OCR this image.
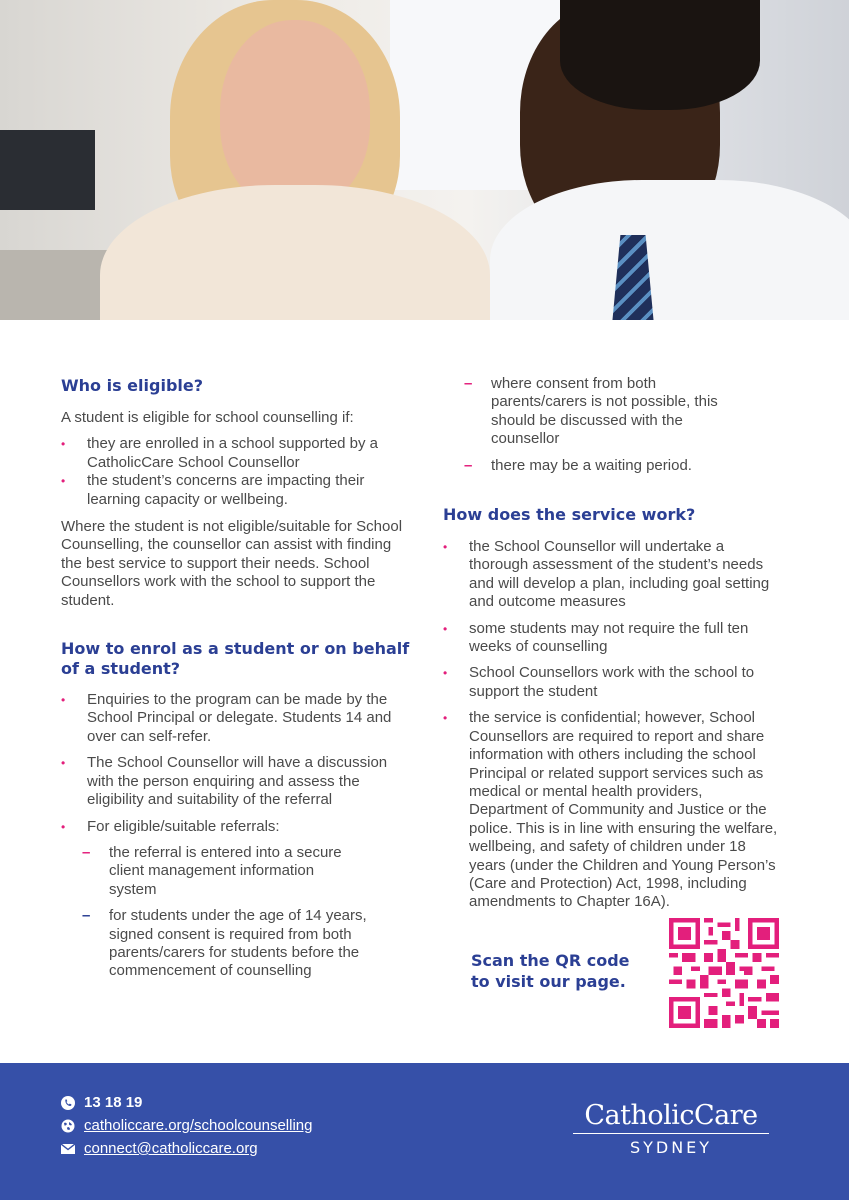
Who is eligible?

A student is eligible for school counselling if:

• they are enrolled in a school supported by a CatholicCare School Counsellor
• the student’s concerns are impacting their learning capacity or wellbeing.

Where the student is not eligible/suitable for School Counselling, the counsellor can assist with finding the best service to support their needs. School Counsellors work with the school to support the student.

How to enrol as a student or on behalf
of a student?
• Enquiries to the program can be made by the School Principal or delegate. Students 14 and over can self-refer.
• The School Counsellor will have a discussion with the person enquiring and assess the eligibility and suitability of the referral
• For eligible/suitable referrals:
– the referral is entered into a secure client management information system
– for students under the age of 14 years, signed consent is required from both parents/carers for students before the commencement of counselling
– where consent from both parents/carers is not possible, this should be discussed with the counsellor
– there may be a waiting period.
How does the service work?
• the School Counsellor will undertake a thorough assessment of the student’s needs and will develop a plan, including goal setting and outcome measures
• some students may not require the full ten weeks of counselling
• School Counsellors work with the school to support the student
• the service is confidential; however, School Counsellors are required to report and share information with others including the school Principal or related support services such as medical or mental health providers, Department of Community and Justice or the police. This is in line with ensuring the welfare, wellbeing, and safety of children under 18 years (under the Children and Young Person’s (Care and Protection) Act, 1998, including amendments to Chapter 16A).
Scan the QR code
to visit our page.
13 18 19
catholiccare.org/schoolcounselling
connect@catholiccare.org
CatholicCare
SYDNEY
